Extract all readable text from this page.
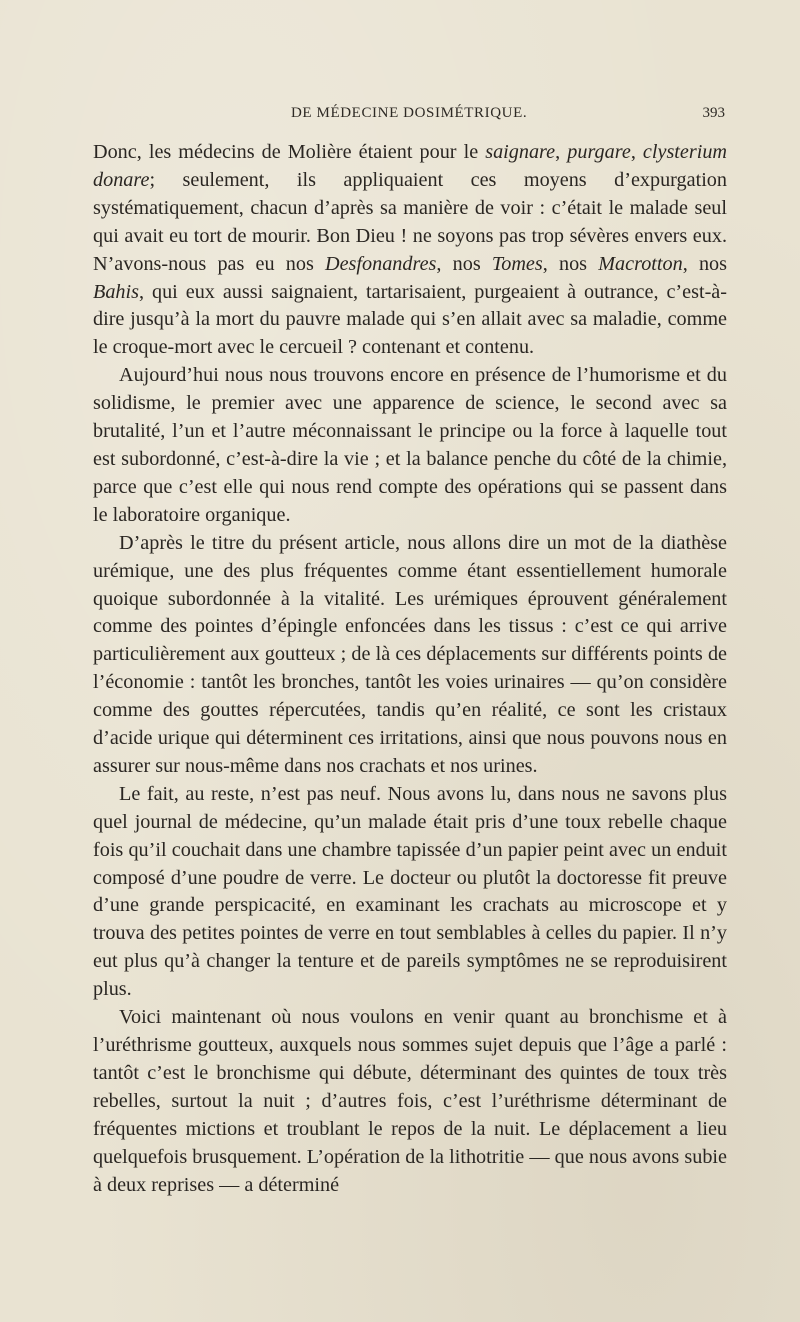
DE MÉDECINE DOSIMÉTRIQUE.	393

Donc, les médecins de Molière étaient pour le saignare, purgare, clysterium donare; seulement, ils appliquaient ces moyens d’expurgation systématiquement, chacun d’après sa manière de voir : c’était le malade seul qui avait eu tort de mourir. Bon Dieu ! ne soyons pas trop sévères envers eux. N’avons-nous pas eu nos Desfonandres, nos Tomes, nos Macrotton, nos Bahis, qui eux aussi saignaient, tartarisaient, purgeaient à outrance, c’est-à-dire jusqu’à la mort du pauvre malade qui s’en allait avec sa maladie, comme le croque-mort avec le cercueil ? contenant et contenu.

Aujourd’hui nous nous trouvons encore en présence de l’humorisme et du solidisme, le premier avec une apparence de science, le second avec sa brutalité, l’un et l’autre méconnaissant le principe ou la force à laquelle tout est subordonné, c’est-à-dire la vie ; et la balance penche du côté de la chimie, parce que c’est elle qui nous rend compte des opérations qui se passent dans le laboratoire organique.

D’après le titre du présent article, nous allons dire un mot de la diathèse urémique, une des plus fréquentes comme étant essentiellement humorale quoique subordonnée à la vitalité. Les urémiques éprouvent généralement comme des pointes d’épingle enfoncées dans les tissus : c’est ce qui arrive particulièrement aux goutteux ; de là ces déplacements sur différents points de l’économie : tantôt les bronches, tantôt les voies urinaires — qu’on considère comme des gouttes répercutées, tandis qu’en réalité, ce sont les cristaux d’acide urique qui déterminent ces irritations, ainsi que nous pouvons nous en assurer sur nous-même dans nos crachats et nos urines.

Le fait, au reste, n’est pas neuf. Nous avons lu, dans nous ne savons plus quel journal de médecine, qu’un malade était pris d’une toux rebelle chaque fois qu’il couchait dans une chambre tapissée d’un papier peint avec un enduit composé d’une poudre de verre. Le docteur ou plutôt la doctoresse fit preuve d’une grande perspicacité, en examinant les crachats au microscope et y trouva des petites pointes de verre en tout semblables à celles du papier. Il n’y eut plus qu’à changer la tenture et de pareils symptômes ne se reproduisirent plus.

Voici maintenant où nous voulons en venir quant au bronchisme et à l’uréthrisme goutteux, auxquels nous sommes sujet depuis que l’âge a parlé : tantôt c’est le bronchisme qui débute, déterminant des quintes de toux très rebelles, surtout la nuit ; d’autres fois, c’est l’uréthrisme déterminant de fréquentes mictions et troublant le repos de la nuit. Le déplacement a lieu quelquefois brusquement. L’opération de la lithotritie — que nous avons subie à deux reprises — a déterminé
